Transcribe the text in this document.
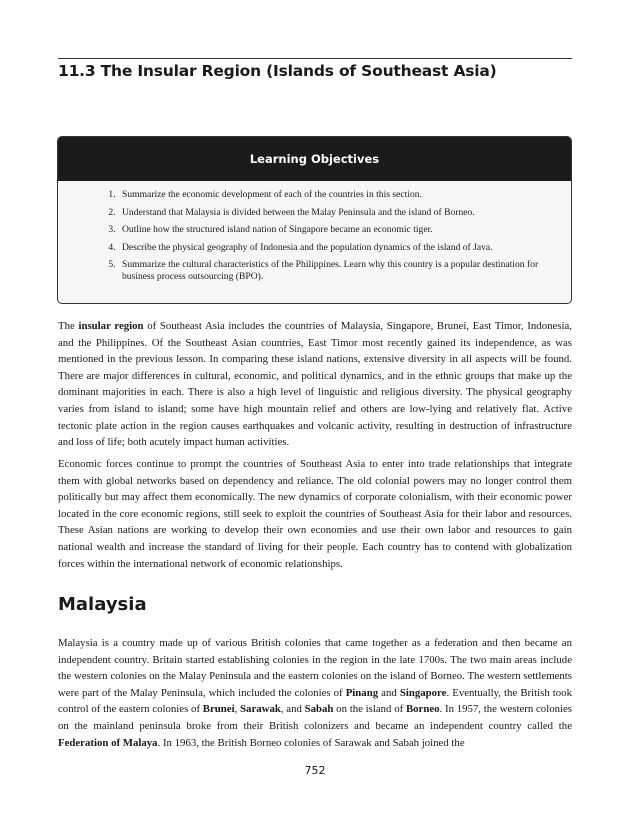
11.3 The Insular Region (Islands of Southeast Asia)
Learning Objectives
1. Summarize the economic development of each of the countries in this section.
2. Understand that Malaysia is divided between the Malay Peninsula and the island of Borneo.
3. Outline how the structured island nation of Singapore became an economic tiger.
4. Describe the physical geography of Indonesia and the population dynamics of the island of Java.
5. Summarize the cultural characteristics of the Philippines. Learn why this country is a popular destination for business process outsourcing (BPO).

The insular region of Southeast Asia includes the countries of Malaysia, Singapore, Brunei, East Timor, Indonesia, and the Philippines. Of the Southeast Asian countries, East Timor most recently gained its independence, as was mentioned in the previous lesson. In comparing these island nations, extensive diversity in all aspects will be found. There are major differences in cultural, economic, and political dynamics, and in the ethnic groups that make up the dominant majorities in each. There is also a high level of linguistic and religious diversity. The physical geography varies from island to island; some have high mountain relief and others are low-lying and relatively flat. Active tectonic plate action in the region causes earthquakes and volcanic activity, resulting in destruction of infrastructure and loss of life; both acutely impact human activities.

Economic forces continue to prompt the countries of Southeast Asia to enter into trade relationships that integrate them with global networks based on dependency and reliance. The old colonial powers may no longer control them politically but may affect them economically. The new dynamics of corporate colonialism, with their economic power located in the core economic regions, still seek to exploit the countries of Southeast Asia for their labor and resources. These Asian nations are working to develop their own economies and use their own labor and resources to gain national wealth and increase the standard of living for their people. Each country has to contend with globalization forces within the international network of economic relationships.

Malaysia

Malaysia is a country made up of various British colonies that came together as a federation and then became an independent country. Britain started establishing colonies in the region in the late 1700s. The two main areas include the western colonies on the Malay Peninsula and the eastern colonies on the island of Borneo. The western settlements were part of the Malay Peninsula, which included the colonies of Pinang and Singapore. Eventually, the British took control of the eastern colonies of Brunei, Sarawak, and Sabah on the island of Borneo. In 1957, the western colonies on the mainland peninsula broke from their British colonizers and became an independent country called the Federation of Malaya. In 1963, the British Borneo colonies of Sarawak and Sabah joined the

752
